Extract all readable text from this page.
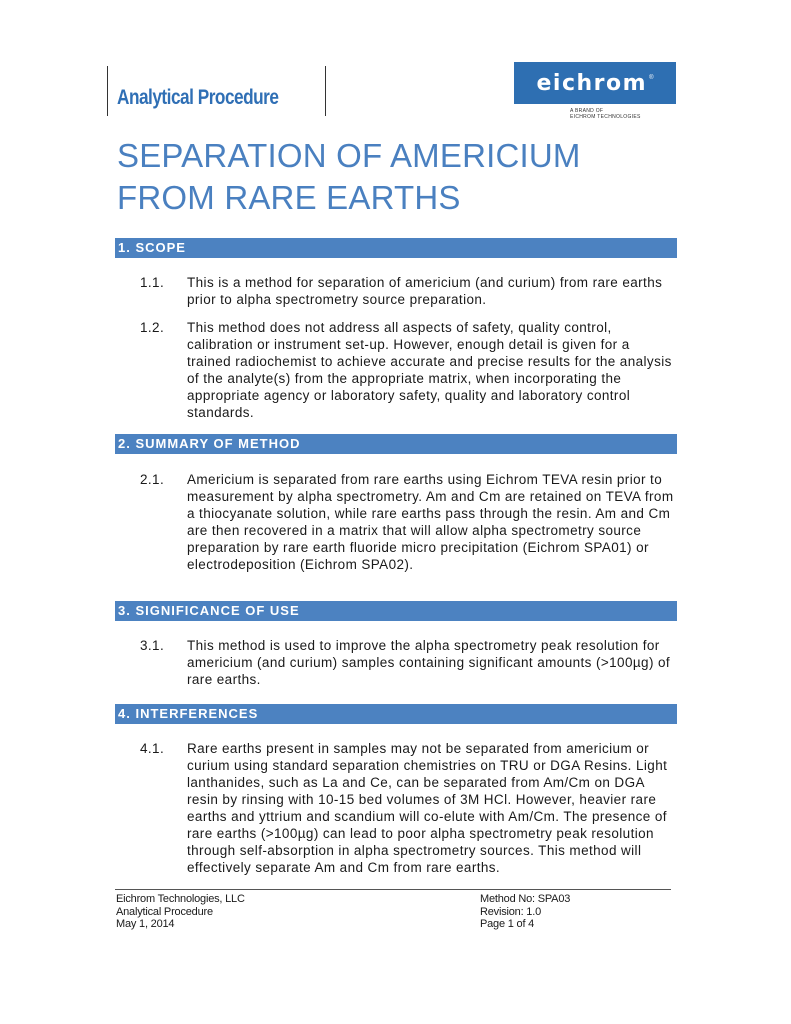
Analytical Procedure
eichrom ®
A BRAND OF
EICHROM TECHNOLOGIES
SEPARATION OF AMERICIUM
FROM RARE EARTHS
1. SCOPE
1.1. This is a method for separation of americium (and curium) from rare earths prior to alpha spectrometry source preparation.
1.2. This method does not address all aspects of safety, quality control, calibration or instrument set-up. However, enough detail is given for a trained radiochemist to achieve accurate and precise results for the analysis of the analyte(s) from the appropriate matrix, when incorporating the appropriate agency or laboratory safety, quality and laboratory control standards.
2. SUMMARY OF METHOD
2.1. Americium is separated from rare earths using Eichrom TEVA resin prior to measurement by alpha spectrometry. Am and Cm are retained on TEVA from a thiocyanate solution, while rare earths pass through the resin. Am and Cm are then recovered in a matrix that will allow alpha spectrometry source preparation by rare earth fluoride micro precipitation (Eichrom SPA01) or electrodeposition (Eichrom SPA02).
3. SIGNIFICANCE OF USE
3.1. This method is used to improve the alpha spectrometry peak resolution for americium (and curium) samples containing significant amounts (>100µg) of rare earths.
4. INTERFERENCES
4.1. Rare earths present in samples may not be separated from americium or curium using standard separation chemistries on TRU or DGA Resins. Light lanthanides, such as La and Ce, can be separated from Am/Cm on DGA resin by rinsing with 10-15 bed volumes of 3M HCl. However, heavier rare earths and yttrium and scandium will co-elute with Am/Cm. The presence of rare earths (>100µg) can lead to poor alpha spectrometry peak resolution through self-absorption in alpha spectrometry sources. This method will effectively separate Am and Cm from rare earths.
Eichrom Technologies, LLC
Analytical Procedure
May 1, 2014
Method No: SPA03
Revision: 1.0
Page 1 of 4
